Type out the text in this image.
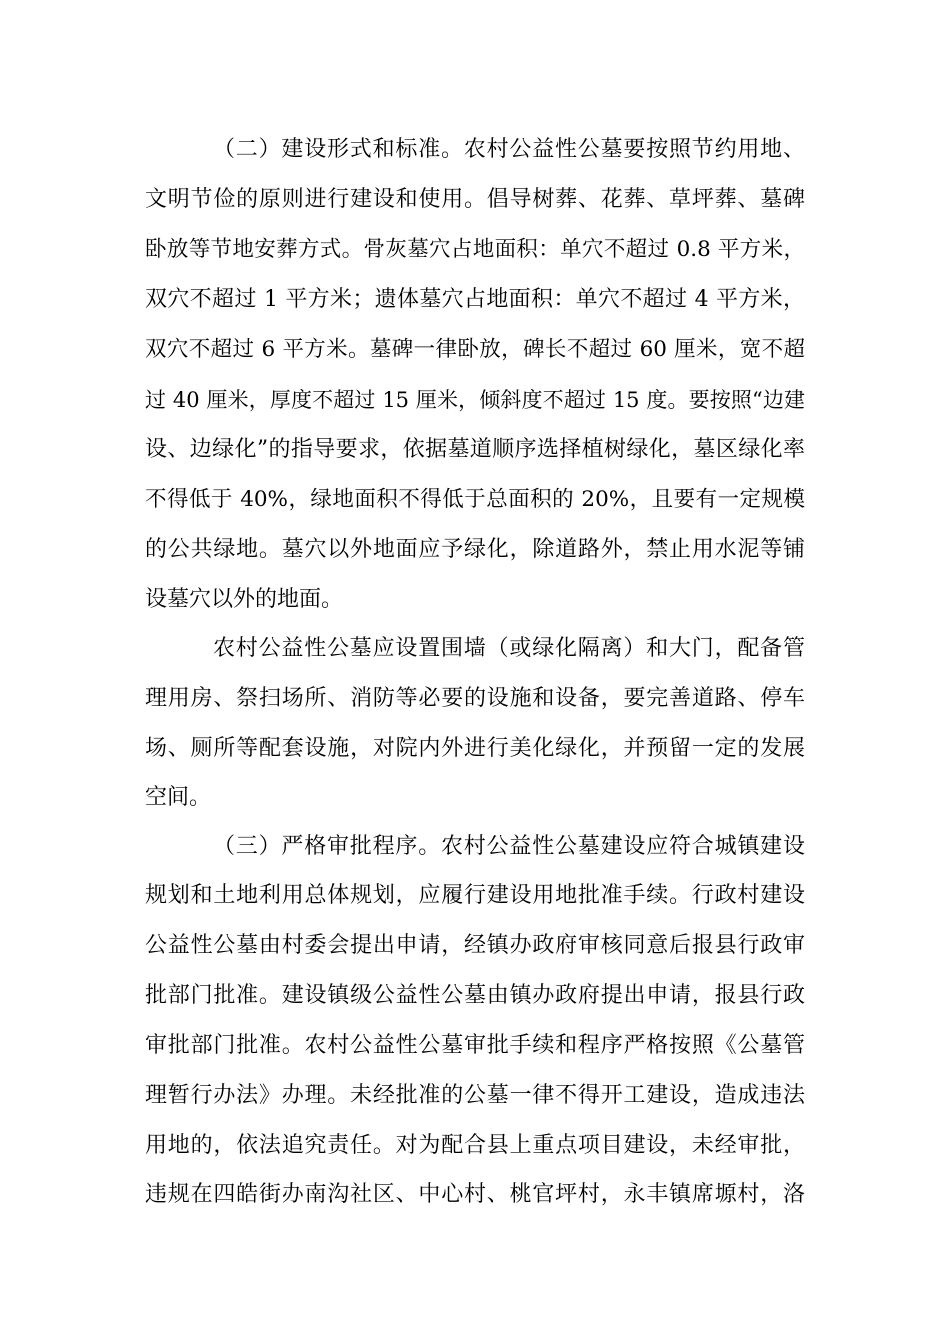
（二）建设形式和标准。农村公益性公墓要按照节约用地、
文明节俭的原则进行建设和使用。倡导树葬、花葬、草坪葬、墓碑
卧放等节地安葬方式。骨灰墓穴占地面积：单穴不超过 0.8 平方米，
双穴不超过 1 平方米；遗体墓穴占地面积：单穴不超过 4 平方米，
双穴不超过 6 平方米。墓碑一律卧放，碑长不超过 60 厘米，宽不超
过 40 厘米，厚度不超过 15 厘米，倾斜度不超过 15 度。要按照“边建
设、边绿化”的指导要求，依据墓道顺序选择植树绿化，墓区绿化率
不得低于 40%，绿地面积不得低于总面积的 20%，且要有一定规模
的公共绿地。墓穴以外地面应予绿化，除道路外，禁止用水泥等铺
设墓穴以外的地面。
农村公益性公墓应设置围墙（或绿化隔离）和大门，配备管
理用房、祭扫场所、消防等必要的设施和设备，要完善道路、停车
场、厕所等配套设施，对院内外进行美化绿化，并预留一定的发展
空间。
（三）严格审批程序。农村公益性公墓建设应符合城镇建设
规划和土地利用总体规划，应履行建设用地批准手续。行政村建设
公益性公墓由村委会提出申请，经镇办政府审核同意后报县行政审
批部门批准。建设镇级公益性公墓由镇办政府提出申请，报县行政
审批部门批准。农村公益性公墓审批手续和程序严格按照《公墓管
理暂行办法》办理。未经批准的公墓一律不得开工建设，造成违法
用地的，依法追究责任。对为配合县上重点项目建设，未经审批，
违规在四皓街办南沟社区、中心村、桃官坪村，永丰镇席塬村，洛
